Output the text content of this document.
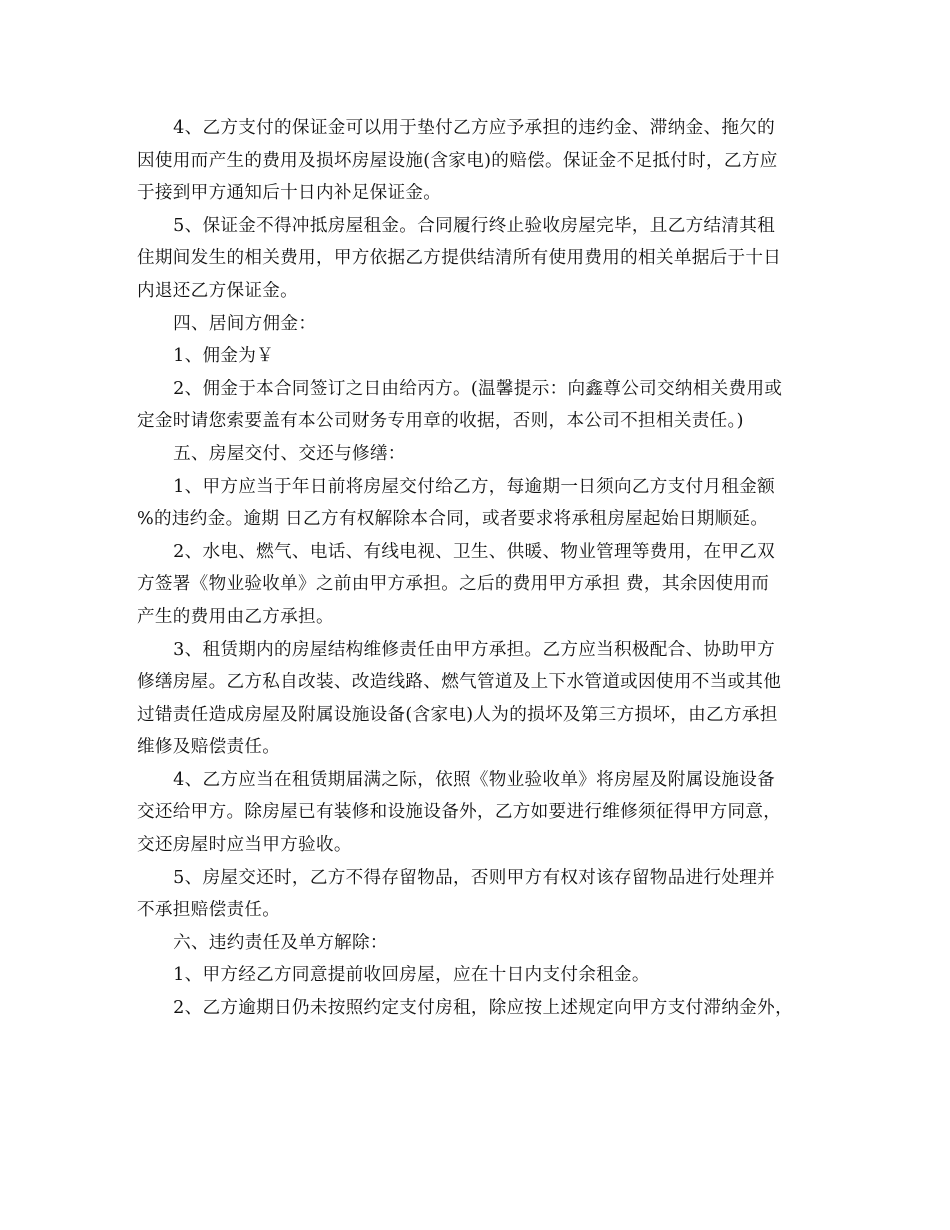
4、乙方支付的保证金可以用于垫付乙方应予承担的违约金、滞纳金、拖欠的
因使用而产生的费用及损坏房屋设施(含家电)的赔偿。保证金不足抵付时，乙方应
于接到甲方通知后十日内补足保证金。
5、保证金不得冲抵房屋租金。合同履行终止验收房屋完毕，且乙方结清其租
住期间发生的相关费用，甲方依据乙方提供结清所有使用费用的相关单据后于十日
内退还乙方保证金。
四、居间方佣金：
1、佣金为￥
2、佣金于本合同签订之日由给丙方。(温馨提示：向鑫尊公司交纳相关费用或
定金时请您索要盖有本公司财务专用章的收据，否则，本公司不担相关责任。)
五、房屋交付、交还与修缮：
1、甲方应当于年日前将房屋交付给乙方，每逾期一日须向乙方支付月租金额
%的违约金。逾期 日乙方有权解除本合同，或者要求将承租房屋起始日期顺延。
2、水电、燃气、电话、有线电视、卫生、供暖、物业管理等费用，在甲乙双
方签署《物业验收单》之前由甲方承担。之后的费用甲方承担 费，其余因使用而
产生的费用由乙方承担。
3、租赁期内的房屋结构维修责任由甲方承担。乙方应当积极配合、协助甲方
修缮房屋。乙方私自改装、改造线路、燃气管道及上下水管道或因使用不当或其他
过错责任造成房屋及附属设施设备(含家电)人为的损坏及第三方损坏，由乙方承担
维修及赔偿责任。
4、乙方应当在租赁期届满之际，依照《物业验收单》将房屋及附属设施设备
交还给甲方。除房屋已有装修和设施设备外，乙方如要进行维修须征得甲方同意，
交还房屋时应当甲方验收。
5、房屋交还时，乙方不得存留物品，否则甲方有权对该存留物品进行处理并
不承担赔偿责任。
六、违约责任及单方解除：
1、甲方经乙方同意提前收回房屋，应在十日内支付余租金。
2、乙方逾期日仍未按照约定支付房租，除应按上述规定向甲方支付滞纳金外，
